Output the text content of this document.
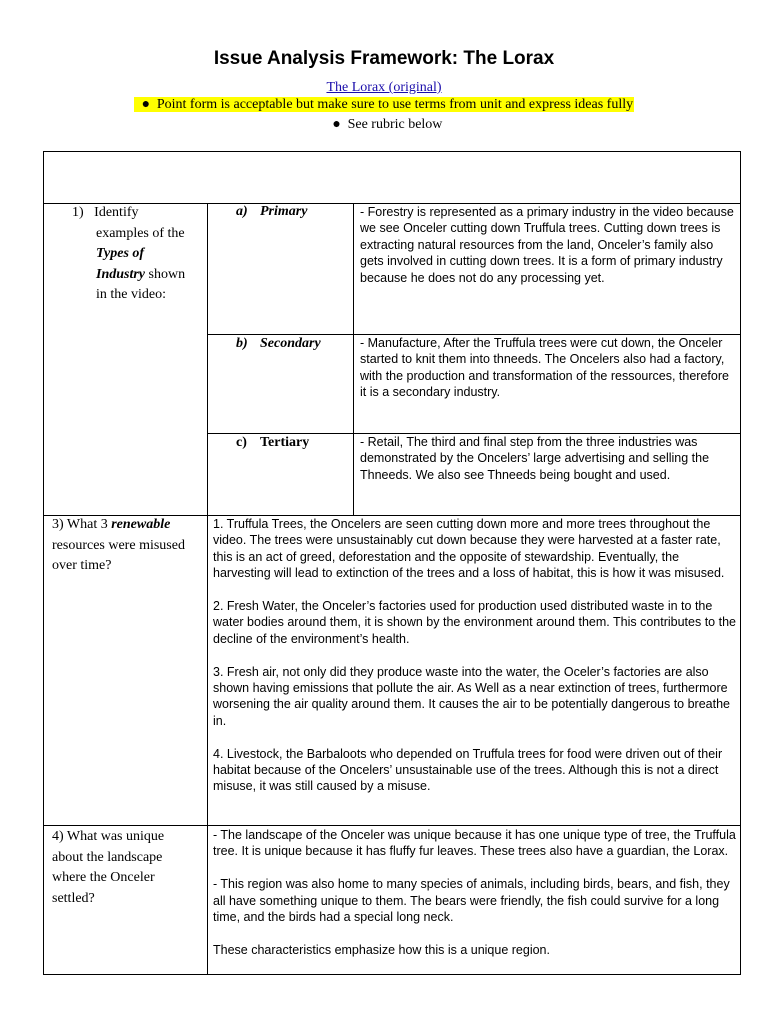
Issue Analysis Framework: The Lorax
The Lorax (original)
● Point form is acceptable but make sure to use terms from unit and express ideas fully
● See rubric below
1) Identify
examples of the
Types of
Industry shown
in the video:
a) Primary
b) Secondary
c) Tertiary
- Forestry is represented as a primary industry in the video because we see Onceler cutting down Truffula trees. Cutting down trees is extracting natural resources from the land, Onceler’s family also gets involved in cutting down trees. It is a form of primary industry because he does not do any processing yet.
- Manufacture, After the Truffula trees were cut down, the Onceler started to knit them into thneeds. The Oncelers also had a factory, with the production and transformation of the ressources, therefore it is a secondary industry.
- Retail, The third and final step from the three industries was demonstrated by the Oncelers’ large advertising and selling the Thneeds. We also see Thneeds being bought and used.
3) What 3 renewable
resources were misused
over time?

1. Truffula Trees, the Oncelers are seen cutting down more and more trees throughout the video. The trees were unsustainably cut down because they were harvested at a faster rate, this is an act of greed, deforestation and the opposite of stewardship. Eventually, the harvesting will lead to extinction of the trees and a loss of habitat, this is how it was misused.

2. Fresh Water, the Onceler’s factories used for production used distributed waste in to the water bodies around them, it is shown by the environment around them. This contributes to the decline of the environment’s health.

3. Fresh air, not only did they produce waste into the water, the Oceler’s factories are also shown having emissions that pollute the air. As Well as a near extinction of trees, furthermore worsening the air quality around them. It causes the air to be potentially dangerous to breathe in.

4. Livestock, the Barbaloots who depended on Truffula trees for food were driven out of their habitat because of the Oncelers’ unsustainable use of the trees. Although this is not a direct misuse, it was still caused by a misuse.

4) What was unique
about the landscape
where the Onceler
settled?

- The landscape of the Onceler was unique because it has one unique type of tree, the Truffula tree. It is unique because it has fluffy fur leaves. These trees also have a guardian, the Lorax.

- This region was also home to many species of animals, including birds, bears, and fish, they all have something unique to them. The bears were friendly, the fish could survive for a long time, and the birds had a special long neck.

These characteristics emphasize how this is a unique region.
